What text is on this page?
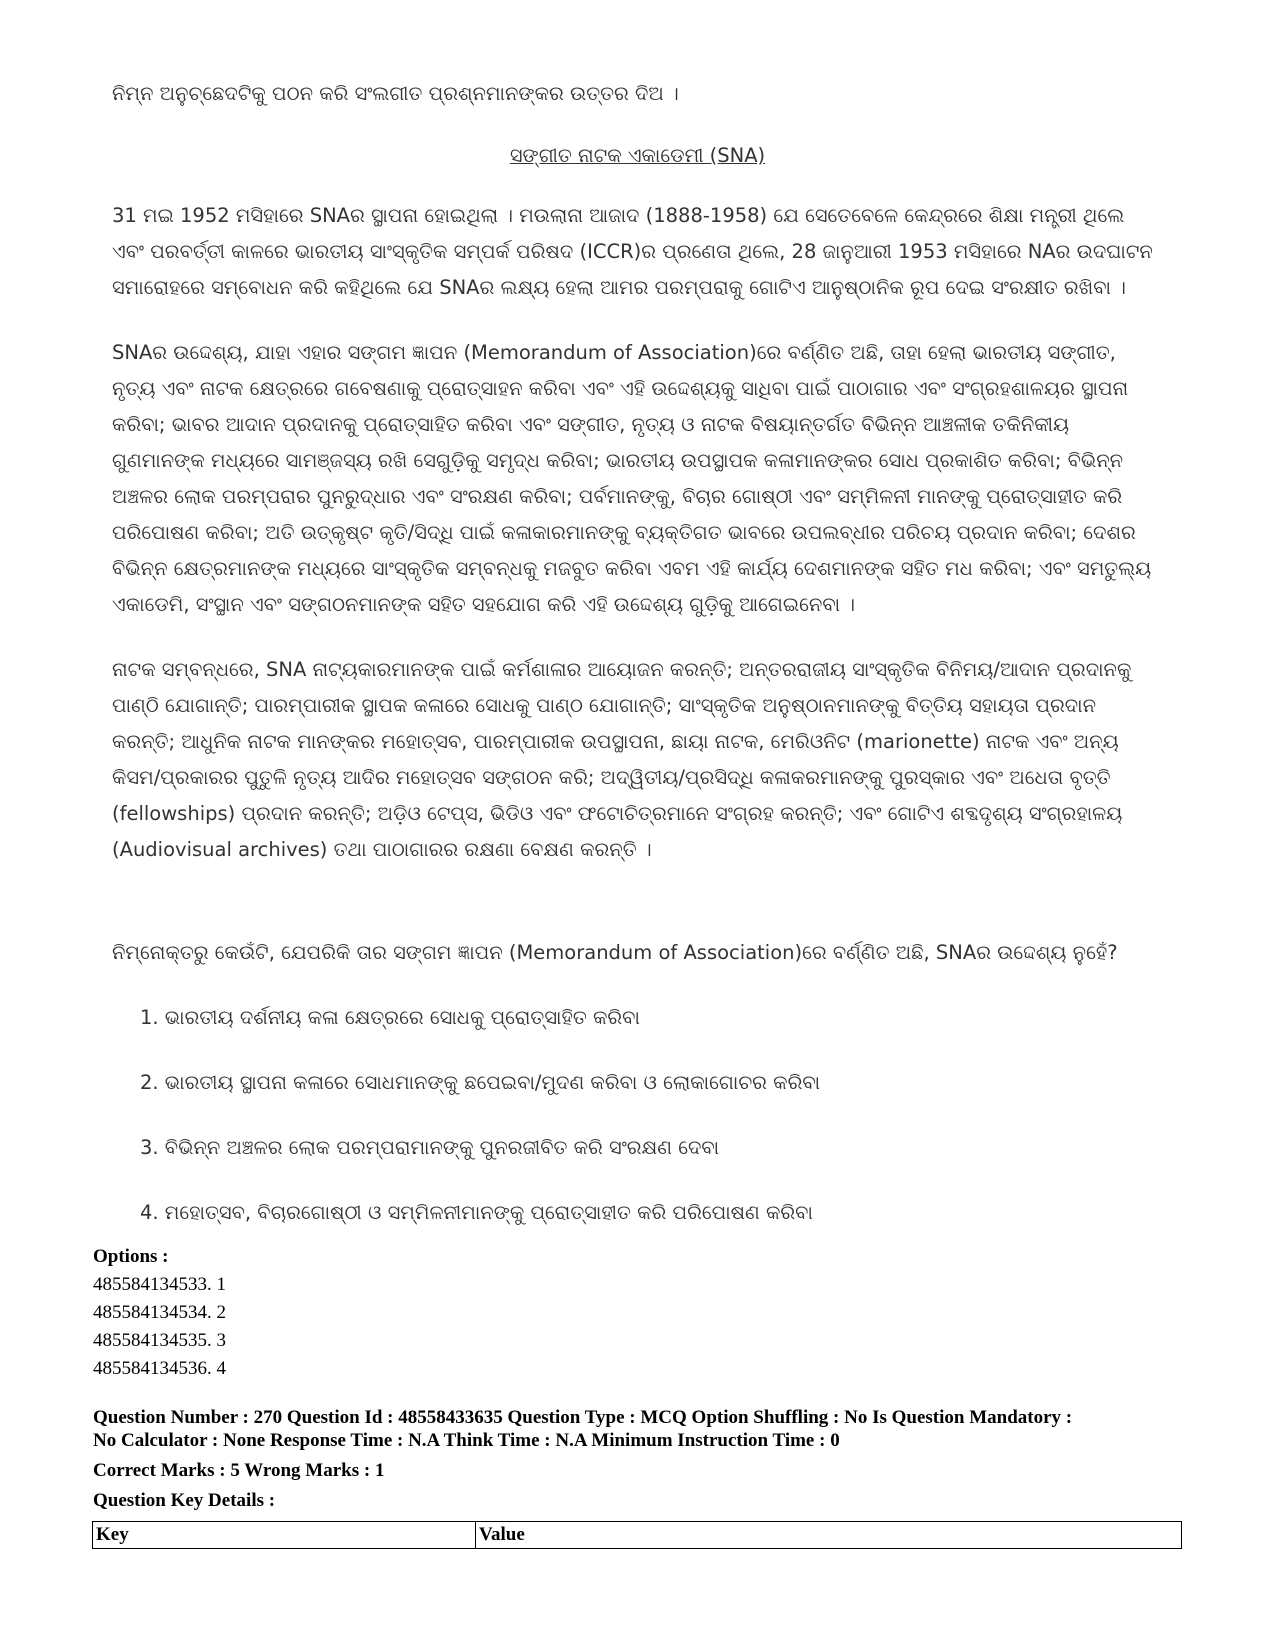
ନିମ୍ନ ଅନୁଚ୍ଛେଦଟିକୁ ପଠନ କରି ସଂଲଗୀତ ପ୍ରଶ୍ନମାନଙ୍କର ଉତ୍ତର ଦିଅ ।

ସଙ୍ଗୀତ ନାଟକ ଏକାଡେମୀ (SNA)

31 ମଇ 1952 ମସିହାରେ SNAର ସ୍ଥାପନା ହୋଇଥିଲା । ମଉଲାନା ଆଜାଦ (1888-1958) ଯେ ସେତେବେଳେ କେନ୍ଦ୍ରରେ ଶିକ୍ଷା ମନ୍ତ୍ରୀ ଥିଲେ ଏବଂ ପରବର୍ତ୍ତୀ କାଳରେ ଭାରତୀୟ ସାଂସ୍କୃତିକ ସମ୍ପର୍କ ପରିଷଦ (ICCR)ର ପ୍ରଣେତା ଥିଲେ, 28 ଜାନୁଆରୀ 1953 ମସିହାରେ NAର ଉଦଘାଟନ ସମାରୋହରେ ସମ୍ବୋଧନ କରି କହିଥିଲେ ଯେ SNAର ଲକ୍ଷ୍ୟ ହେଲା ଆମର ପରମ୍ପରାକୁ ଗୋଟିଏ ଆନୁଷ୍ଠାନିକ ରୂପ ଦେଇ ସଂରକ୍ଷୀତ ରଖିବା ।

SNAର ଉଦ୍ଦେଶ୍ୟ, ଯାହା ଏହାର ସଙ୍ଗମ ଜ୍ଞାପନ (Memorandum of Association)ରେ ବର୍ଣ୍ଣିତ ଅଛି, ତାହା ହେଲା ଭାରତୀୟ ସଙ୍ଗୀତ, ନୃତ୍ୟ ଏବଂ ନାଟକ କ୍ଷେତ୍ରରେ ଗବେଷଣାକୁ ପ୍ରୋତ୍ସାହନ କରିବା ଏବଂ ଏହି ଉଦ୍ଦେଶ୍ୟକୁ ସାଧିବା ପାଇଁ ପାଠାଗାର ଏବଂ ସଂଗ୍ରହଶାଳୟର ସ୍ଥାପନା କରିବା; ଭାବର ଆଦାନ ପ୍ରଦାନକୁ ପ୍ରୋତ୍ସାହିତ କରିବା ଏବଂ ସଙ୍ଗୀତ, ନୃତ୍ୟ ଓ ନାଟକ ବିଷୟାନ୍ତର୍ଗତ ବିଭିନ୍ନ ଆଞ୍ଚଳୀକ ତକିନିକୀୟ ଗୁଣମାନଙ୍କ ମଧ୍ୟରେ ସାମଞ୍ଜସ୍ୟ ରଖି ସେଗୁଡ଼ିକୁ ସମୃଦ୍ଧ କରିବା; ଭାରତୀୟ ଉପସ୍ଥାପକ କଳାମାନଙ୍କର ସୋଧ ପ୍ରକାଶିତ କରିବା; ବିଭିନ୍ନ ଅଞ୍ଚଳର ଲୋକ ପରମ୍ପରାର ପୁନରୁଦ୍ଧାର ଏବଂ ସଂରକ୍ଷଣ କରିବା; ପର୍ବମାନଙ୍କୁ, ବିଚାର ଗୋଷ୍ଠୀ ଏବଂ ସମ୍ମିଳନୀ ମାନଙ୍କୁ ପ୍ରୋତ୍ସାହୀତ କରି ପରିପୋଷଣ କରିବା; ଅତି ଉତ୍କୃଷ୍ଟ କୃତି/ସିଦ୍ଧି ପାଇଁ କଳାକାରମାନଙ୍କୁ ବ୍ୟକ୍ତିଗତ ଭାବରେ ଉପଲବ୍ଧୀର ପରିଚୟ ପ୍ରଦାନ କରିବା; ଦେଶର ବିଭିନ୍ନ କ୍ଷେତ୍ରମାନଙ୍କ ମଧ୍ୟରେ ସାଂସ୍କୃତିକ ସମ୍ବନ୍ଧକୁ ମଜବୁତ କରିବା ଏବମ ଏହି କାର୍ଯ୍ୟ ଦେଶମାନଙ୍କ ସହିତ ମଧ କରିବା; ଏବଂ ସମତୁଲ୍ୟ ଏକାଡେମି, ସଂସ୍ଥାନ ଏବଂ ସଙ୍ଗଠନମାନଙ୍କ ସହିତ ସହଯୋଗ କରି ଏହି ଉଦ୍ଦେଶ୍ୟ ଗୁଡ଼ିକୁ ଆଗେଇନେବା ।

ନାଟକ ସମ୍ବନ୍ଧରେ, SNA ନାଟ୍ୟକାରମାନଙ୍କ ପାଇଁ କର୍ମଶାଳାର ଆୟୋଜନ କରନ୍ତି; ଅନ୍ତରରାଜୀୟ ସାଂସ୍କୃତିକ ବିନିମୟ/ଆଦାନ ପ୍ରଦାନକୁ ପାଣ୍ଠି ଯୋଗାନ୍ତି; ପାରମ୍ପାରୀକ ସ୍ଥାପକ କଳାରେ ସୋଧକୁ ପାଣ୍ଠ ଯୋଗାନ୍ତି; ସାଂସ୍କୃତିକ ଅନୁଷ୍ଠାନମାନଙ୍କୁ ବିତ୍ତିୟ ସହାୟତା ପ୍ରଦାନ କରନ୍ତି; ଆଧୁନିକ ନାଟକ ମାନଙ୍କର ମହୋତ୍ସବ, ପାରମ୍ପାରୀକ ଉପସ୍ଥାପନା, ଛାୟା ନାଟକ, ମେରିଓନିଟ (marionette) ନାଟକ ଏବଂ ଅନ୍ୟ କିସମ/ପ୍ରକାରର ପୁତୁଳି ନୃତ୍ୟ ଆଦିର ମହୋତ୍ସବ ସଙ୍ଗଠନ କରି; ଅଦ୍ୱିତୀୟ/ପ୍ରସିଦ୍ଧି କଳାକରମାନଙ୍କୁ ପୁରସ୍କାର ଏବଂ ଅଧେତା ବୃତ୍ତି (fellowships) ପ୍ରଦାନ କରନ୍ତି; ଅଡ଼ିଓ ଟେପ୍ସ, ଭିଡିଓ ଏବଂ ଫଟୋଚିତ୍ରମାନେ ସଂଗ୍ରହ କରନ୍ତି; ଏବଂ ଗୋଟିଏ ଶବ୍ଦଦୃଶ୍ୟ ସଂଗ୍ରହାଳୟ (Audiovisual archives) ତଥା ପାଠାଗାରର ରକ୍ଷଣା ବେକ୍ଷଣ କରନ୍ତି ।

ନିମ୍ନୋକ୍ତରୁ କେଉଁଟି, ଯେପରିକି ତାର ସଙ୍ଗମ ଜ୍ଞାପନ (Memorandum of Association)ରେ ବର୍ଣ୍ଣିତ ଅଛି, SNAର ଉଦ୍ଦେଶ୍ୟ ନୁହେଁ?

1. ଭାରତୀୟ ଦର୍ଶନୀୟ କଳା କ୍ଷେତ୍ରରେ ସୋଧକୁ ପ୍ରୋତ୍ସାହିତ କରିବା

2. ଭାରତୀୟ ସ୍ଥାପନା କଳାରେ ସୋଧମାନଙ୍କୁ ଛପେଇବା/ମୁଦଣ କରିବା ଓ ଲୋକାଗୋଚର କରିବା

3. ବିଭିନ୍ନ ଅଞ୍ଚଳର ଲୋକ ପରମ୍ପରାମାନଙ୍କୁ ପୁନରଜୀବିତ କରି ସଂରକ୍ଷଣ ଦେବା

4. ମହୋତ୍ସବ, ବିଚାରଗୋଷ୍ଠୀ ଓ ସମ୍ମିଳନୀମାନଙ୍କୁ ପ୍ରୋତ୍ସାହୀତ କରି ପରିପୋଷଣ କରିବା

Options :
485584134533. 1
485584134534. 2
485584134535. 3
485584134536. 4
Question Number : 270 Question Id : 48558433635 Question Type : MCQ Option Shuffling : No Is Question Mandatory :
No Calculator : None Response Time : N.A Think Time : N.A Minimum Instruction Time : 0
Correct Marks : 5 Wrong Marks : 1
Question Key Details :
Key	Value
